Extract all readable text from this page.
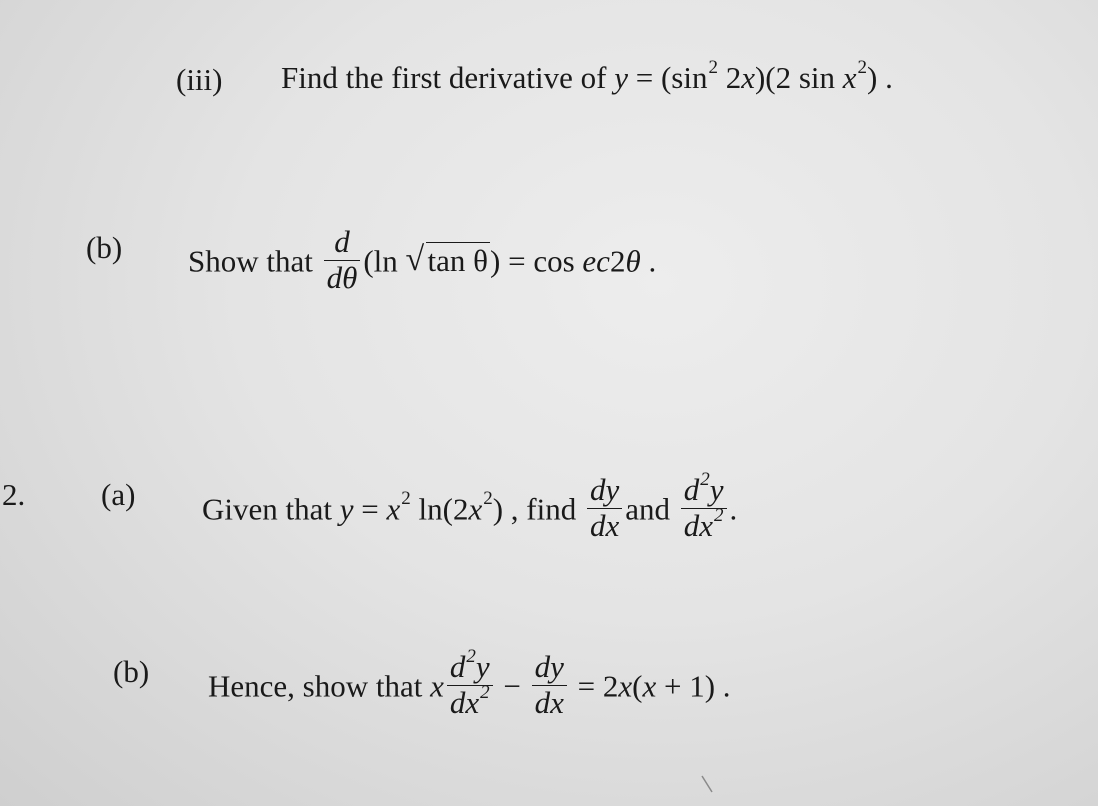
(iii) Find the first derivative of $y = (\sin^2$ 2x)(2 $\sin x^2$) .
(b) Show that $\frac{d}{d\theta} (\ln$ √ tan θ) = cos ec2θ .
2. (a) Given that $y = x^2$ $\ln(2x^2)$ , find $\frac{dy}{dx}$ and $\frac{d^2y}{dx^2}$ .
(b) Hence, show that x $\frac{d^2y}{dx^2} - \frac{dy}{dx} = 2x(x + 1)$ .
